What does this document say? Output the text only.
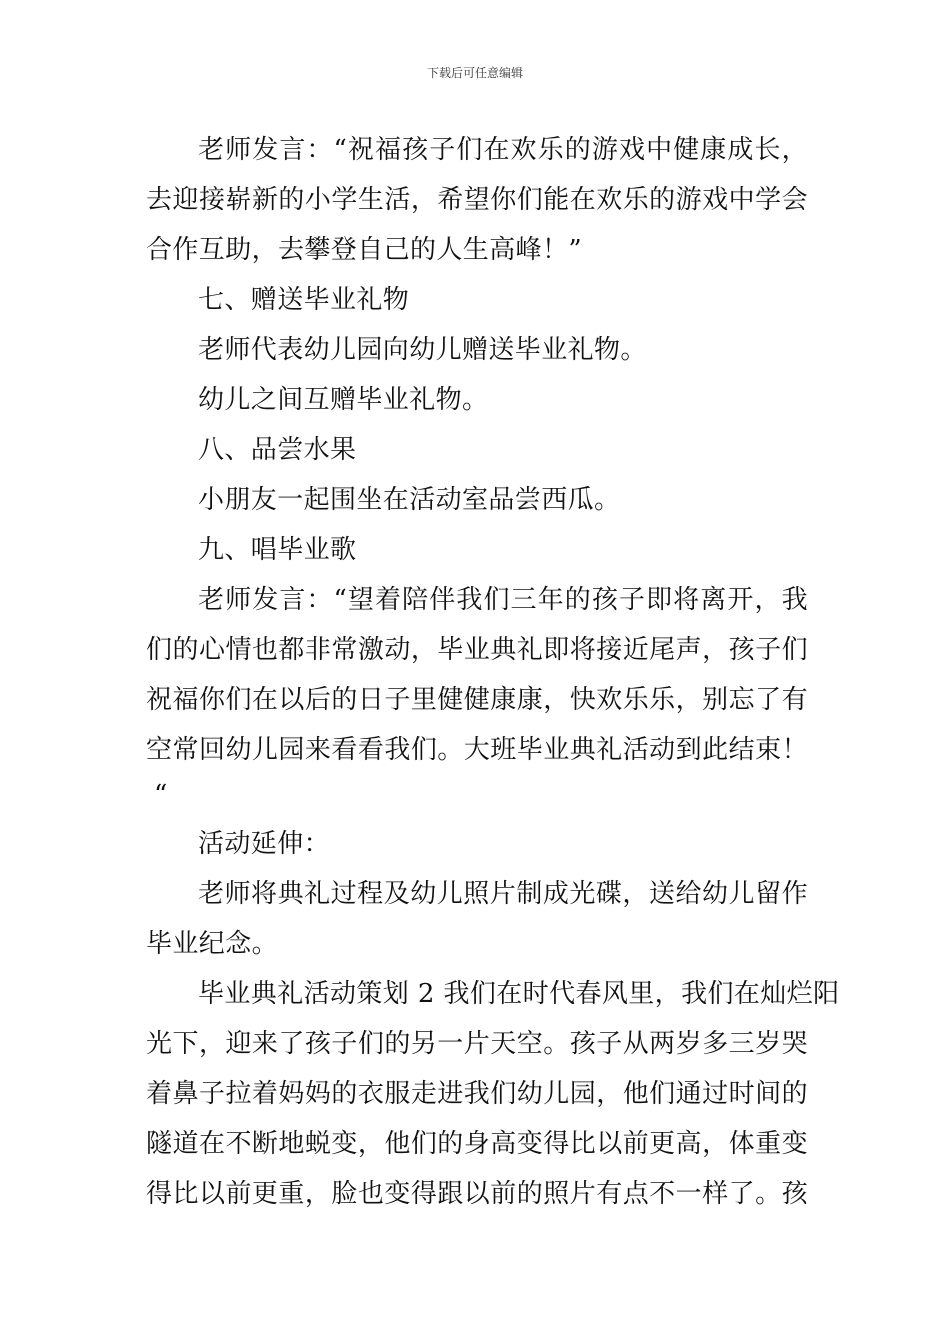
下载后可任意编辑
老师发言：“祝福孩子们在欢乐的游戏中健康成长，
去迎接崭新的小学生活，希望你们能在欢乐的游戏中学会
合作互助，去攀登自己的人生高峰！”
七、赠送毕业礼物
老师代表幼儿园向幼儿赠送毕业礼物。
幼儿之间互赠毕业礼物。
八、品尝水果
小朋友一起围坐在活动室品尝西瓜。
九、唱毕业歌
老师发言：“望着陪伴我们三年的孩子即将离开，我
们的心情也都非常激动，毕业典礼即将接近尾声，孩子们
祝福你们在以后的日子里健健康康，快欢乐乐，别忘了有
空常回幼儿园来看看我们。大班毕业典礼活动到此结束！
“
活动延伸：
老师将典礼过程及幼儿照片制成光碟，送给幼儿留作
毕业纪念。
毕业典礼活动策划 2 我们在时代春风里，我们在灿烂阳
光下，迎来了孩子们的另一片天空。孩子从两岁多三岁哭
着鼻子拉着妈妈的衣服走进我们幼儿园，他们通过时间的
隧道在不断地蜕变，他们的身高变得比以前更高，体重变
得比以前更重，脸也变得跟以前的照片有点不一样了。孩
